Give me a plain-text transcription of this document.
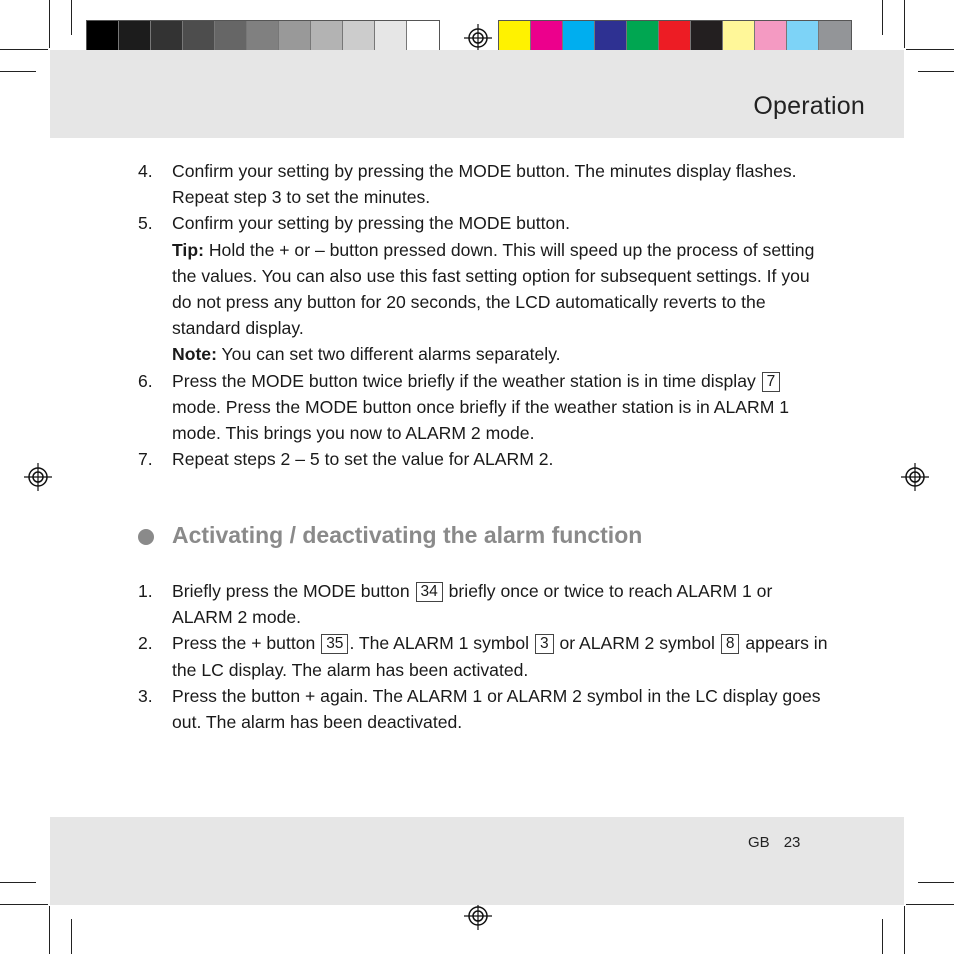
Operation
4. Confirm your setting by pressing the MODE button. The minutes display flashes. Repeat step 3 to set the minutes.
5. Confirm your setting by pressing the MODE button.
Tip: Hold the + or – button pressed down. This will speed up the process of setting the values. You can also use this fast setting option for subsequent settings. If you do not press any button for 20 seconds, the LCD automatically reverts to the standard display.
Note: You can set two different alarms separately.
6. Press the MODE button twice briefly if the weather station is in time display 7 mode. Press the MODE button once briefly if the weather station is in ALARM 1 mode. This brings you now to ALARM 2 mode.
7. Repeat steps 2 – 5 to set the value for ALARM 2.
Activating / deactivating the alarm function
1. Briefly press the MODE button 34 briefly once or twice to reach ALARM 1 or ALARM 2 mode.
2. Press the + button 35 . The ALARM 1 symbol 3 or ALARM 2 symbol 8 appears in the LC display. The alarm has been activated.
3. Press the button + again. The ALARM 1 or ALARM 2 symbol in the LC display goes out. The alarm has been deactivated.
GB 23
